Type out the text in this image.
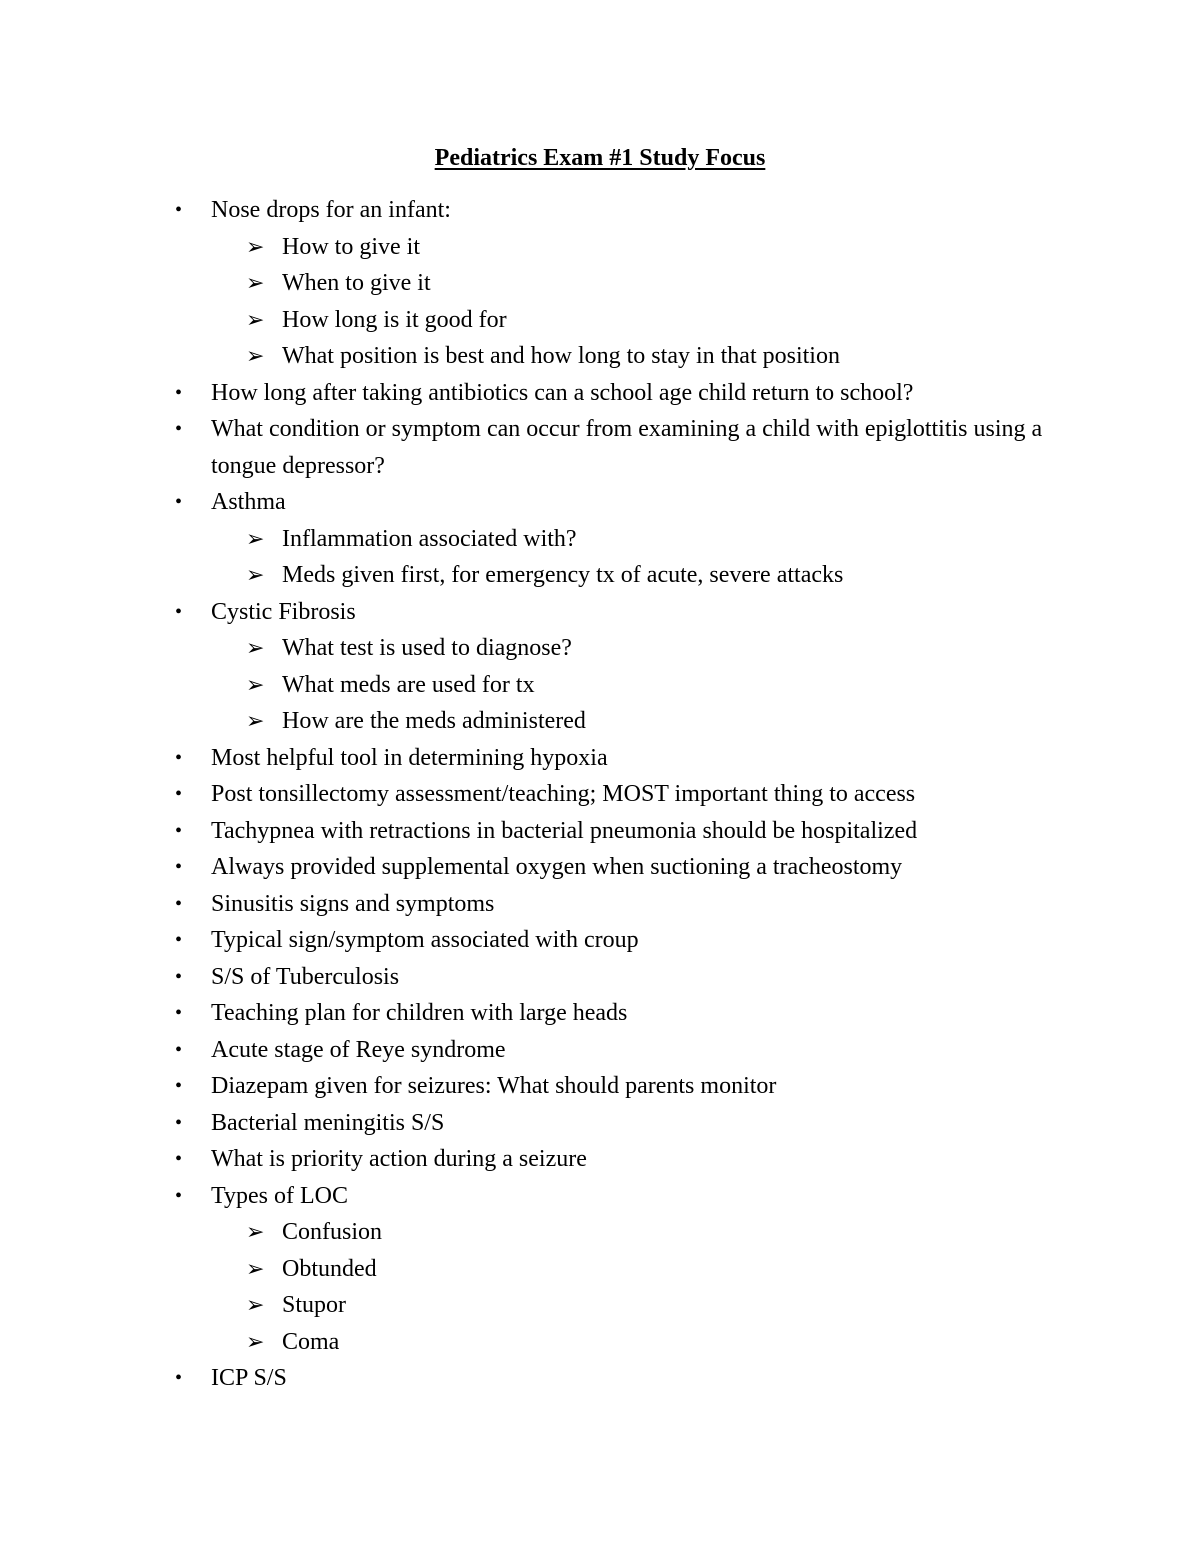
Pediatrics Exam #1 Study Focus
• Nose drops for an infant:
➢ How to give it
➢ When to give it
➢ How long is it good for
➢ What position is best and how long to stay in that position
• How long after taking antibiotics can a school age child return to school?
• What condition or symptom can occur from examining a child with epiglottitis using a tongue depressor?
• Asthma
➢ Inflammation associated with?
➢ Meds given first, for emergency tx of acute, severe attacks
• Cystic Fibrosis
➢ What test is used to diagnose?
➢ What meds are used for tx
➢ How are the meds administered
• Most helpful tool in determining hypoxia
• Post tonsillectomy assessment/teaching; MOST important thing to access
• Tachypnea with retractions in bacterial pneumonia should be hospitalized
• Always provided supplemental oxygen when suctioning a tracheostomy
• Sinusitis signs and symptoms
• Typical sign/symptom associated with croup
• S/S of Tuberculosis
• Teaching plan for children with large heads
• Acute stage of Reye syndrome
• Diazepam given for seizures: What should parents monitor
• Bacterial meningitis S/S
• What is priority action during a seizure
• Types of LOC
➢ Confusion
➢ Obtunded
➢ Stupor
➢ Coma
• ICP S/S
